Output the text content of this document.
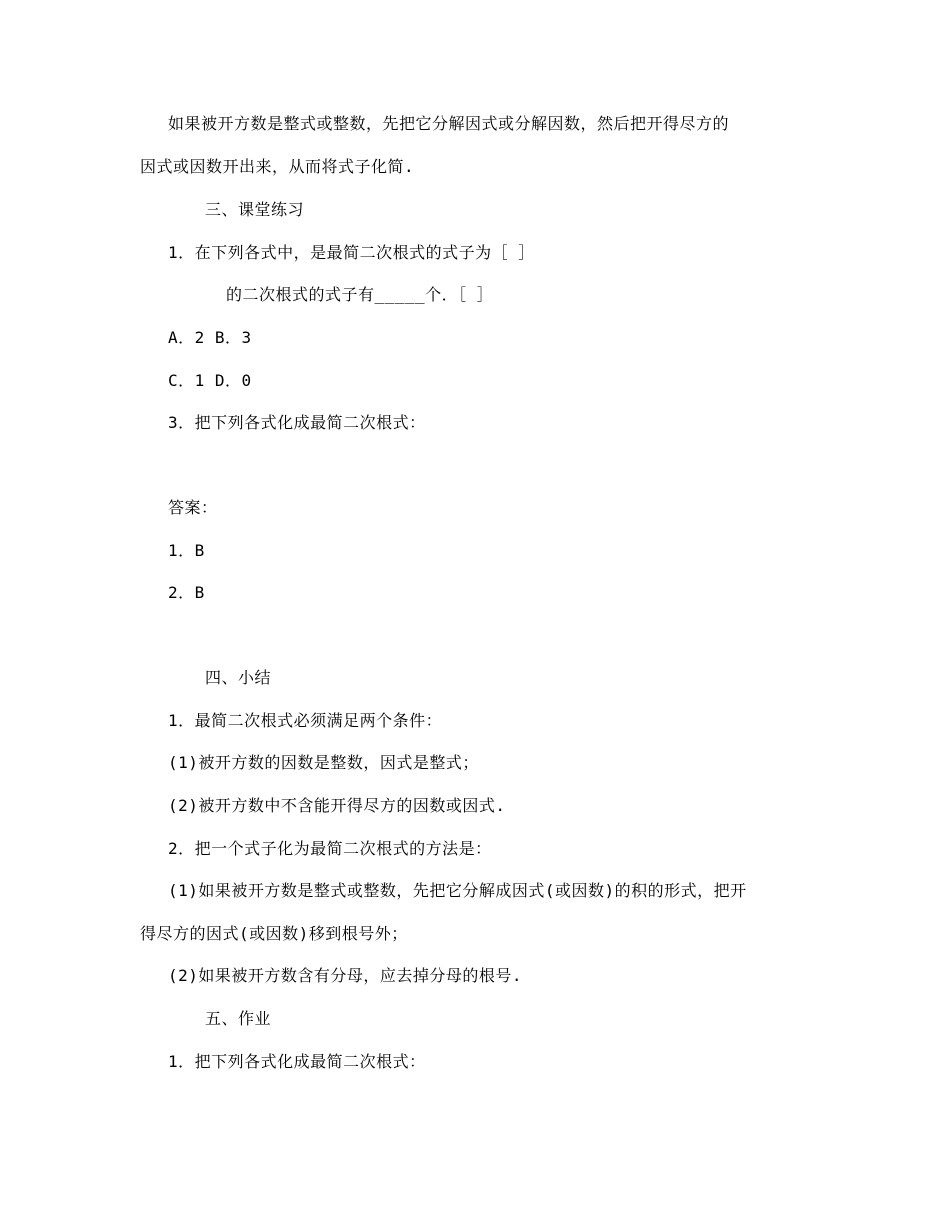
如果被开方数是整式或整数，先把它分解因式或分解因数，然后把开得尽方的
因式或因数开出来，从而将式子化简.
三、课堂练习
1．在下列各式中，是最简二次根式的式子为［ ］
的二次根式的式子有_____个．［ ］
A．2 B．3
C．1 D．0
3．把下列各式化成最简二次根式：
答案：
1．B
2．B
四、小结
1．最简二次根式必须满足两个条件：
(1)被开方数的因数是整数，因式是整式；
(2)被开方数中不含能开得尽方的因数或因式.
2．把一个式子化为最简二次根式的方法是：
(1)如果被开方数是整式或整数，先把它分解成因式(或因数)的积的形式，把开
得尽方的因式(或因数)移到根号外；
(2)如果被开方数含有分母，应去掉分母的根号.
五、作业
1．把下列各式化成最简二次根式：
